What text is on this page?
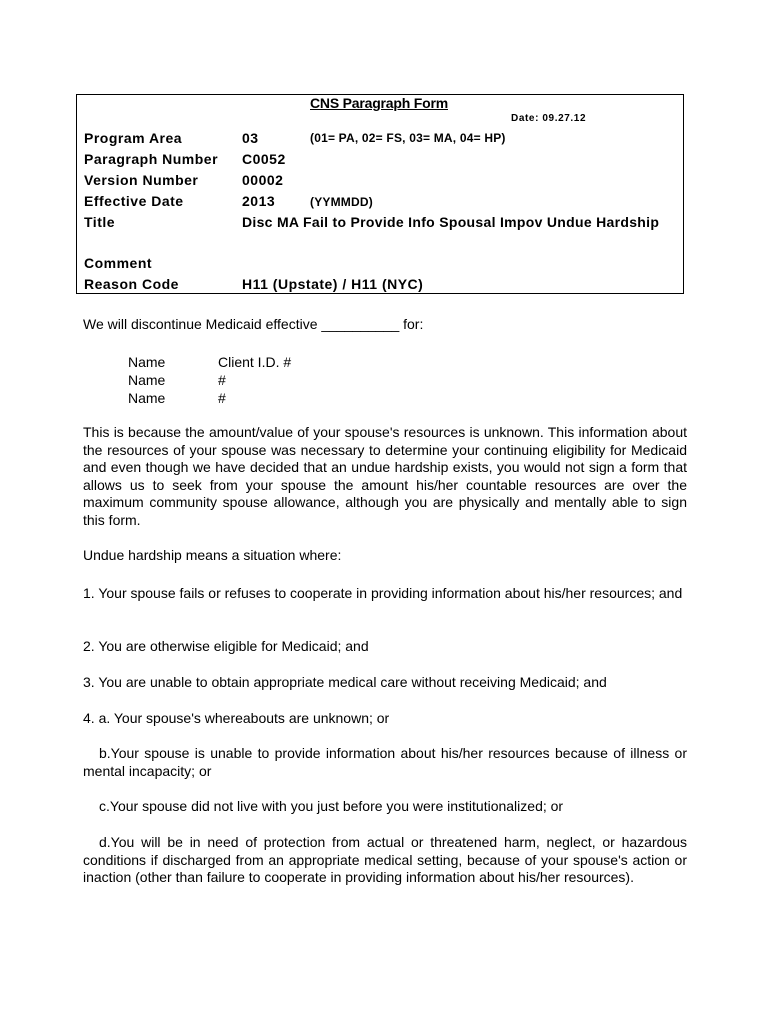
CNS Paragraph Form
Date: 09.27.12
Program Area	03	(01= PA, 02= FS, 03= MA, 04= HP)
Paragraph Number C0052
Version Number	00002
Effective Date	2013	(YYMMDD)
Title	Disc MA Fail to Provide Info Spousal Impov Undue Hardship
Comment
Reason Code	H11 (Upstate) / H11 (NYC)
We will discontinue Medicaid effective __________ for:
Name	Client I.D. #
Name	#
Name	#
This is because the amount/value of your spouse's resources is unknown. This information about the resources of your spouse was necessary to determine your continuing eligibility for Medicaid and even though we have decided that an undue hardship exists, you would not sign a form that allows us to seek from your spouse the amount his/her countable resources are over the maximum community spouse allowance, although you are physically and mentally able to sign this form.
Undue hardship means a situation where:
1. Your spouse fails or refuses to cooperate in providing information about his/her resources; and
2. You are otherwise eligible for Medicaid; and
3. You are unable to obtain appropriate medical care without receiving Medicaid; and
4. a. Your spouse's whereabouts are unknown; or
b.Your spouse is unable to provide information about his/her resources because of illness or mental incapacity; or
c.Your spouse did not live with you just before you were institutionalized; or
d.You will be in need of protection from actual or threatened harm, neglect, or hazardous conditions if discharged from an appropriate medical setting, because of your spouse's action or inaction (other than failure to cooperate in providing information about his/her resources).
